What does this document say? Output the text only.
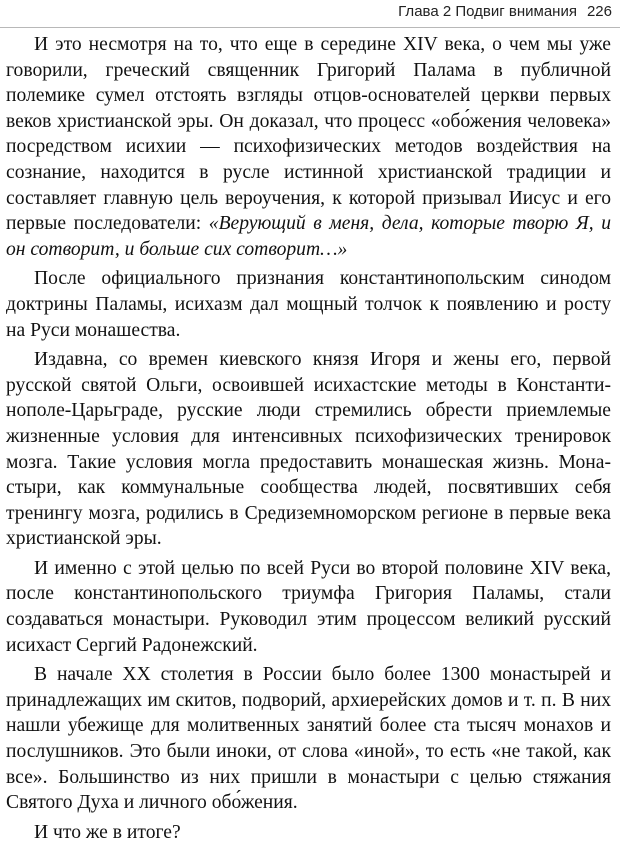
Глава 2 Подвиг внимания 226

И это несмотря на то, что еще в середине XIV века, о чем мы уже говорили, греческий священник Григорий Палама в публичной полемике сумел отстоять взгляды отцов-основателей церкви первых веков христианской эры. Он доказал, что процесс «обо́жения человека» посредством исихии — психофизических методов воздействия на сознание, находится в русле истинной христианской традиции и составляет главную цель вероучения, к которой призывал Иисус и его первые последователи: «Верующий в меня, дела, которые творю Я, и он сотворит, и больше сих сотворит…»

После официального признания константинопольским синодом доктрины Паламы, исихазм дал мощный толчок к появлению и росту на Руси монашества.

Издавна, со времен киевского князя Игоря и жены его, первой русской святой Ольги, освоившей исихастские методы в Константинополе-Царьграде, русские люди стремились обрести приемлемые жизненные условия для интенсивных психофизических тренировок мозга. Такие условия могла предоставить монашеская жизнь. Монастыри, как коммунальные сообщества людей, посвятивших себя тренингу мозга, родились в Средиземноморском регионе в первые века христианской эры.

И именно с этой целью по всей Руси во второй половине XIV века, после константинопольского триумфа Григория Паламы, стали создаваться монастыри. Руководил этим процессом великий русский исихаст Сергий Радонежский.

В начале XX столетия в России было более 1300 монастырей и принадлежащих им скитов, подворий, архиерейских домов и т. п. В них нашли убежище для молитвенных занятий более ста тысяч монахов и послушников. Это были иноки, от слова «иной», то есть «не такой, как все». Большинство из них пришли в монастыри с целью стяжания Святого Духа и личного обо́жения.

И что же в итоге?
